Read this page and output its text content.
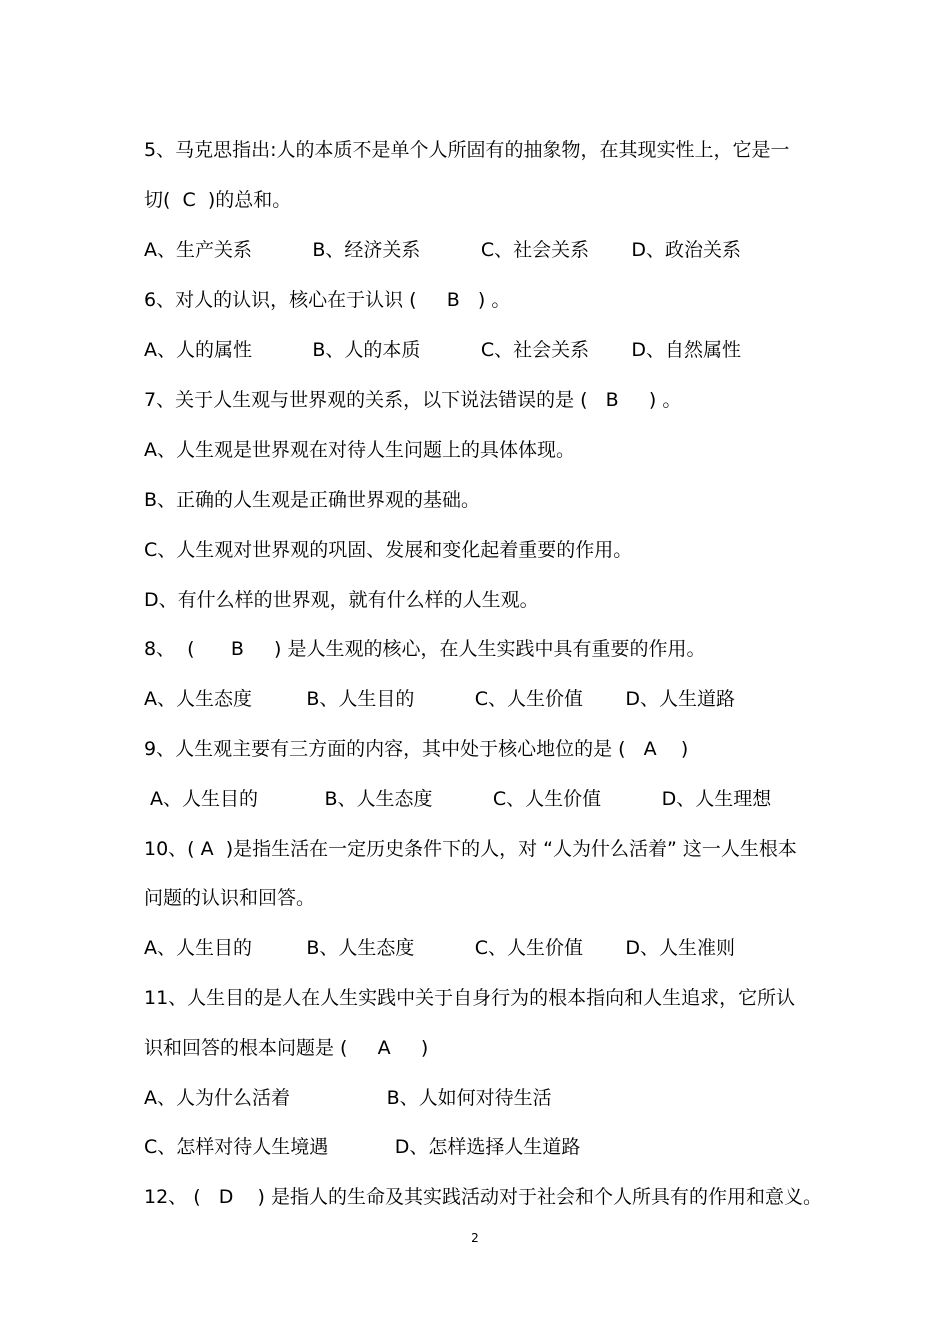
5、马克思指出:人的本质不是单个人所固有的抽象物，在其现实性上，它是一
切(  C  )的总和。
A、生产关系          B、经济关系          C、社会关系       D、政治关系
6、对人的认识，核心在于认识 (     B   ) 。
A、人的属性          B、人的本质          C、社会关系       D、自然属性
7、关于人生观与世界观的关系，以下说法错误的是 (   B     ) 。
A、人生观是世界观在对待人生问题上的具体体现。
B、正确的人生观是正确世界观的基础。
C、人生观对世界观的巩固、发展和变化起着重要的作用。
D、有什么样的世界观，就有什么样的人生观。
8、  (      B     ) 是人生观的核心，在人生实践中具有重要的作用。
A、人生态度         B、人生目的          C、人生价值       D、人生道路
9、人生观主要有三方面的内容，其中处于核心地位的是 (   A    )
A、人生目的           B、人生态度          C、人生价值          D、人生理想
10、( A  )是指生活在一定历史条件下的人，对 “人为什么活着” 这一人生根本
问题的认识和回答。
A、人生目的         B、人生态度          C、人生价值       D、人生准则
11、人生目的是人在人生实践中关于自身行为的根本指向和人生追求，它所认
识和回答的根本问题是 (     A     )
A、人为什么活着                B、人如何对待生活
C、怎样对待人生境遇           D、怎样选择人生道路
12、 (   D    ) 是指人的生命及其实践活动对于社会和个人所具有的作用和意义。
2
